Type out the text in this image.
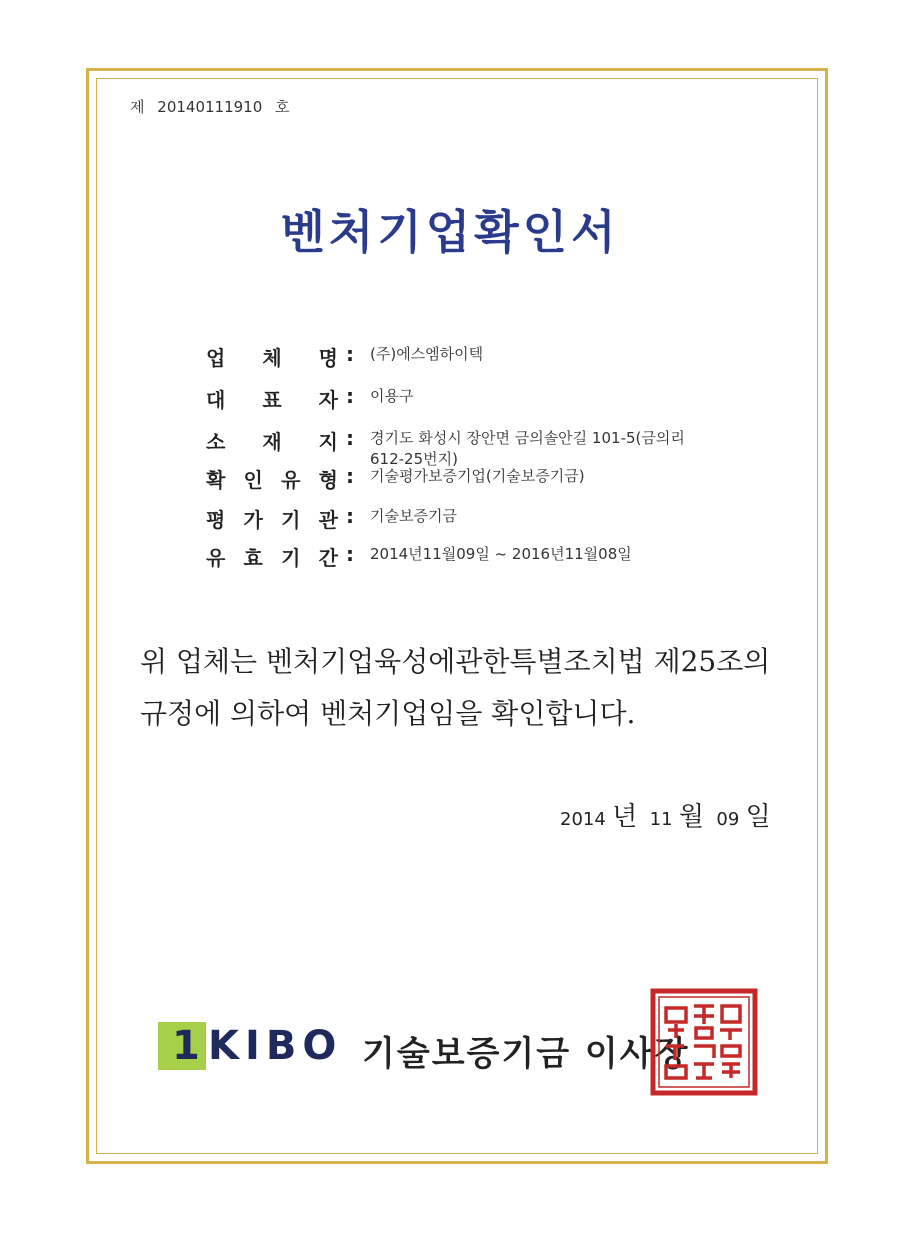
제 20140111910 호
벤처기업확인서
업 체 명 : (주)에스엠하이텍
대 표 자 : 이용구
소 재 지 : 경기도 화성시 장안면 금의솔안길 101-5(금의리
612-25번지)
확 인 유 형 : 기술평가보증기업(기술보증기금)
평 가 기 관 : 기술보증기금
유 효 기 간 : 2014년11월09일 ~ 2016년11월08일
위 업체는 벤처기업육성에관한특별조치법 제25조의
규정에 의하여 벤처기업임을 확인합니다.
2014 년 11 월 09 일
1 KIBO 기술보증기금 이사장
